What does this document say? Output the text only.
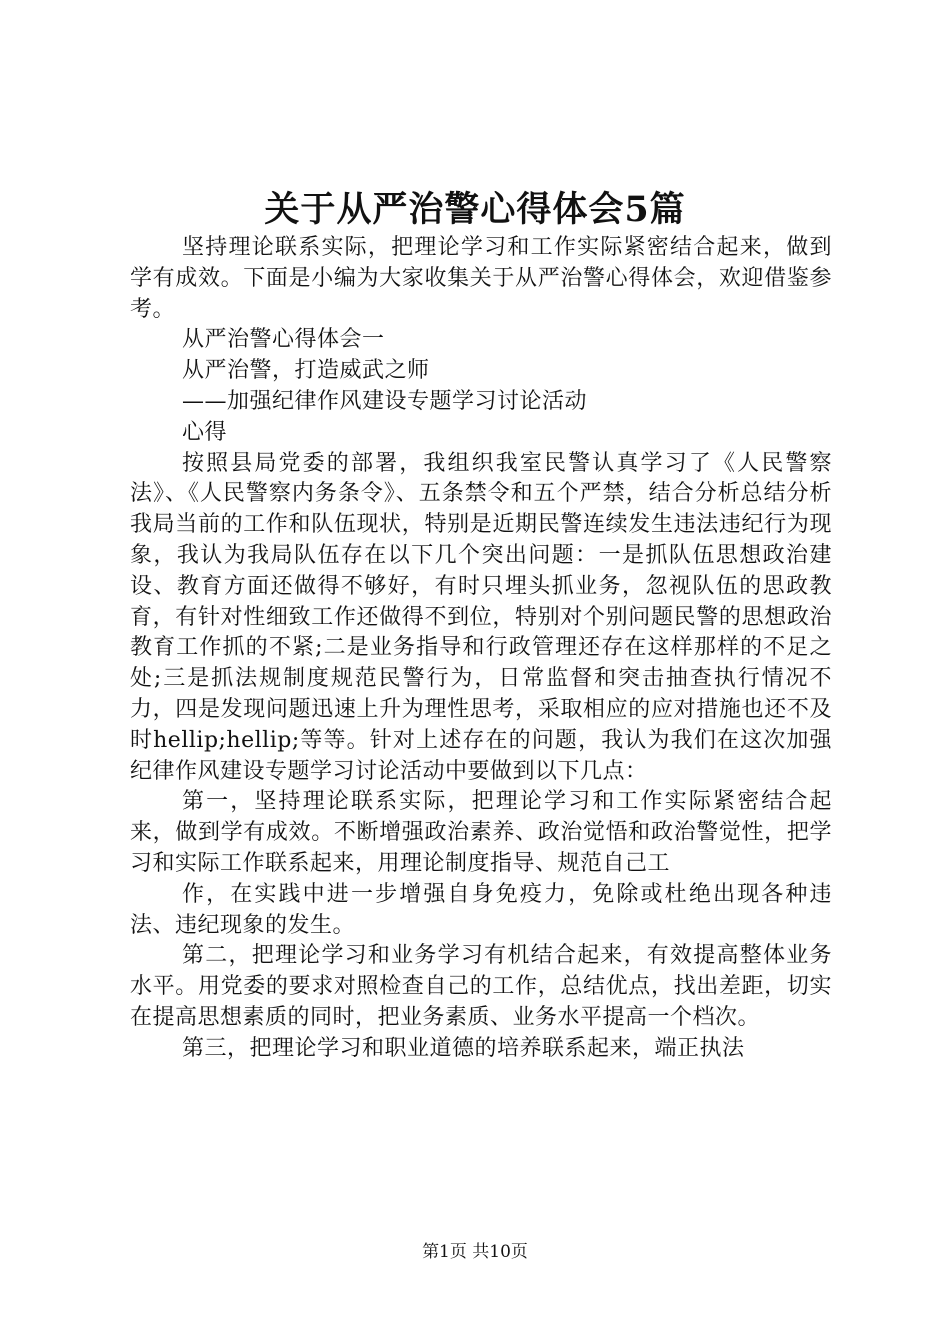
关于从严治警心得体会5篇

坚持理论联系实际，把理论学习和工作实际紧密结合起来，做到学有成效。下面是小编为大家收集关于从严治警心得体会，欢迎借鉴参考。

从严治警心得体会一

从严治警，打造威武之师

——加强纪律作风建设专题学习讨论活动

心得

按照县局党委的部署，我组织我室民警认真学习了《人民警察法》、《人民警察内务条令》、五条禁令和五个严禁，结合分析总结分析我局当前的工作和队伍现状，特别是近期民警连续发生违法违纪行为现象，我认为我局队伍存在以下几个突出问题：一是抓队伍思想政治建设、教育方面还做得不够好，有时只埋头抓业务，忽视队伍的思政教育，有针对性细致工作还做得不到位，特别对个别问题民警的思想政治教育工作抓的不紧;二是业务指导和行政管理还存在这样那样的不足之处;三是抓法规制度规范民警行为，日常监督和突击抽查执行情况不力，四是发现问题迅速上升为理性思考，采取相应的应对措施也还不及时hellip;hellip;等等。针对上述存在的问题，我认为我们在这次加强纪律作风建设专题学习讨论活动中要做到以下几点：

第一，坚持理论联系实际，把理论学习和工作实际紧密结合起来，做到学有成效。不断增强政治素养、政治觉悟和政治警觉性，把学习和实际工作联系起来，用理论制度指导、规范自己工

作，在实践中进一步增强自身免疫力，免除或杜绝出现各种违法、违纪现象的发生。

第二，把理论学习和业务学习有机结合起来，有效提高整体业务水平。用党委的要求对照检查自己的工作，总结优点，找出差距，切实在提高思想素质的同时，把业务素质、业务水平提高一个档次。

第三，把理论学习和职业道德的培养联系起来，端正执法

第1页 共10页
